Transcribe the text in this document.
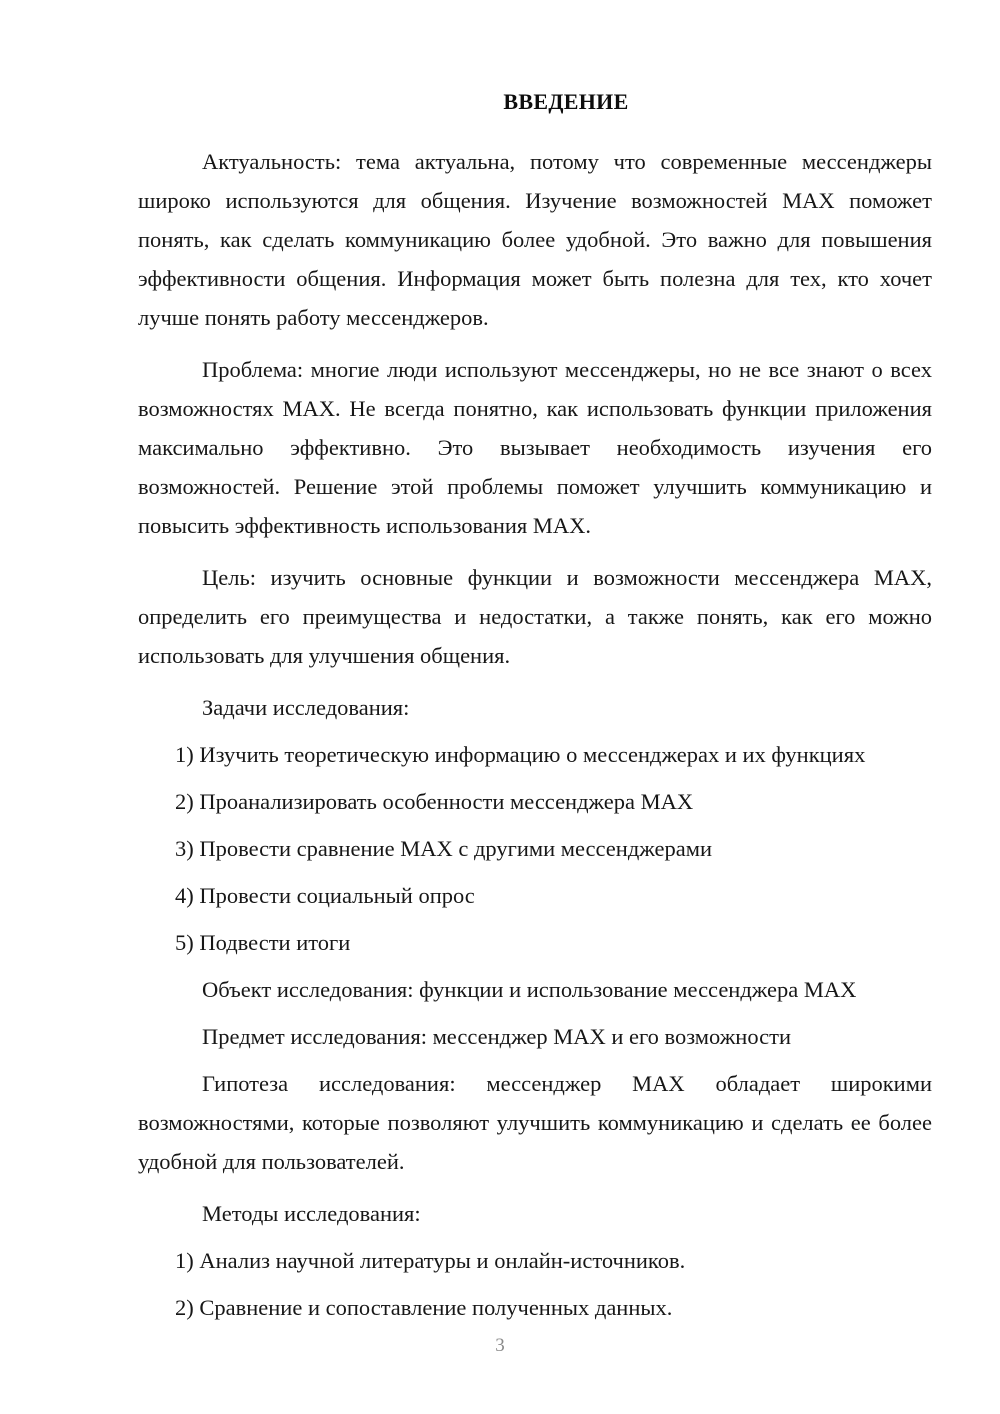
ВВЕДЕНИЕ

Актуальность: тема актуальна, потому что современные мессенджеры широко используются для общения. Изучение возможностей MAX поможет понять, как сделать коммуникацию более удобной. Это важно для повышения эффективности общения. Информация может быть полезна для тех, кто хочет лучше понять работу мессенджеров.

Проблема: многие люди используют мессенджеры, но не все знают о всех возможностях MAX. Не всегда понятно, как использовать функции приложения максимально эффективно. Это вызывает необходимость изучения его возможностей. Решение этой проблемы поможет улучшить коммуникацию и повысить эффективность использования MAX.

Цель: изучить основные функции и возможности мессенджера MAX, определить его преимущества и недостатки, а также понять, как его можно использовать для улучшения общения.

Задачи исследования:

1) Изучить теоретическую информацию о мессенджерах и их функциях
2) Проанализировать особенности мессенджера MAX
3) Провести сравнение MAX с другими мессенджерами
4) Провести социальный опрос
5) Подвести итоги

Объект исследования: функции и использование мессенджера MAX

Предмет исследования: мессенджер MAX и его возможности

Гипотеза исследования: мессенджер MAX обладает широкими возможностями, которые позволяют улучшить коммуникацию и сделать ее более удобной для пользователей.

Методы исследования:

1) Анализ научной литературы и онлайн-источников.
2) Сравнение и сопоставление полученных данных.
3
